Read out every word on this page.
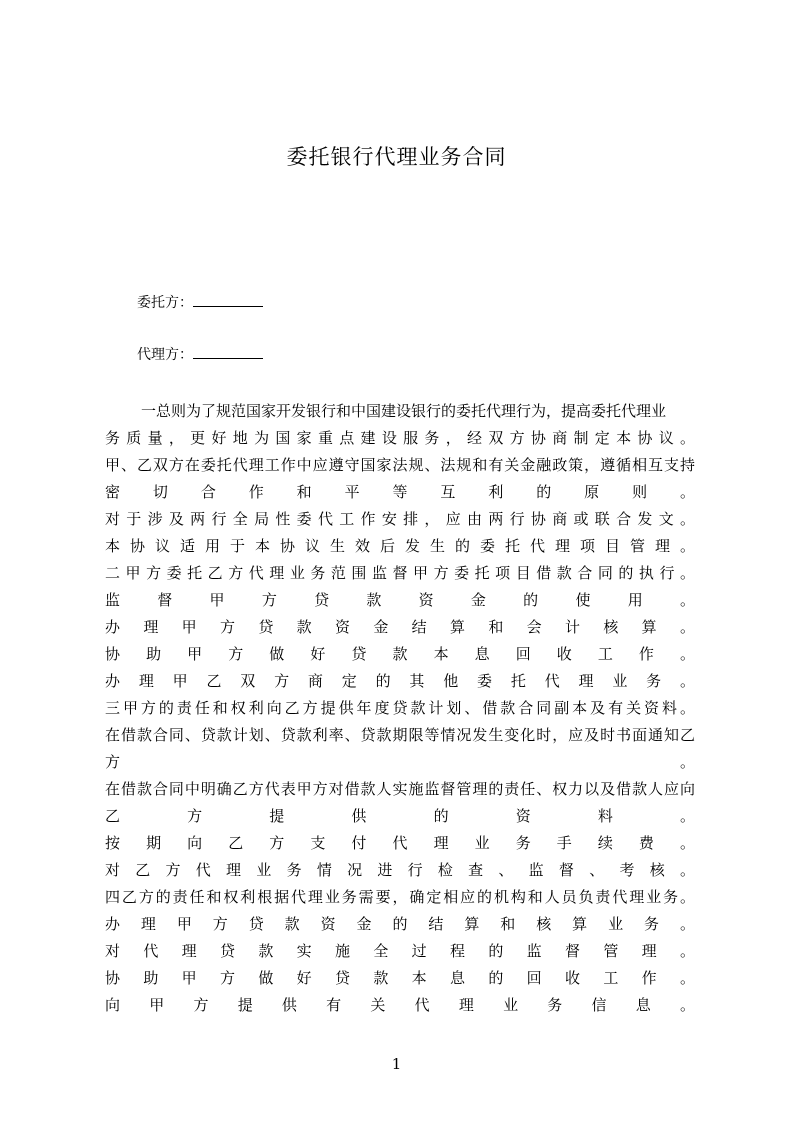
委托银行代理业务合同
委托方：
代理方：
一总则为了规范国家开发银行和中国建设银行的委托代理行为，提高委托代理业
务质量，更好地为国家重点建设服务，经双方协商制定本协议。
甲、乙双方在委托代理工作中应遵守国家法规、法规和有关金融政策，遵循相互支持
密切合作和平等互利的原则。
对于涉及两行全局性委代工作安排，应由两行协商或联合发文。
本协议适用于本协议生效后发生的委托代理项目管理。
二甲方委托乙方代理业务范围监督甲方委托项目借款合同的执行。
监督甲方贷款资金的使用。
办理甲方贷款资金结算和会计核算。
协助甲方做好贷款本息回收工作。
办理甲乙双方商定的其他委托代理业务。
三甲方的责任和权利向乙方提供年度贷款计划、借款合同副本及有关资料。
在借款合同、贷款计划、贷款利率、贷款期限等情况发生变化时，应及时书面通知乙
方。
在借款合同中明确乙方代表甲方对借款人实施监督管理的责任、权力以及借款人应向
乙方提供的资料。
按期向乙方支付代理业务手续费。
对乙方代理业务情况进行检查、监督、考核。
四乙方的责任和权利根据代理业务需要，确定相应的机构和人员负责代理业务。
办理甲方贷款资金的结算和核算业务。
对代理贷款实施全过程的监督管理。
协助甲方做好贷款本息的回收工作。
向甲方提供有关代理业务信息。
1
